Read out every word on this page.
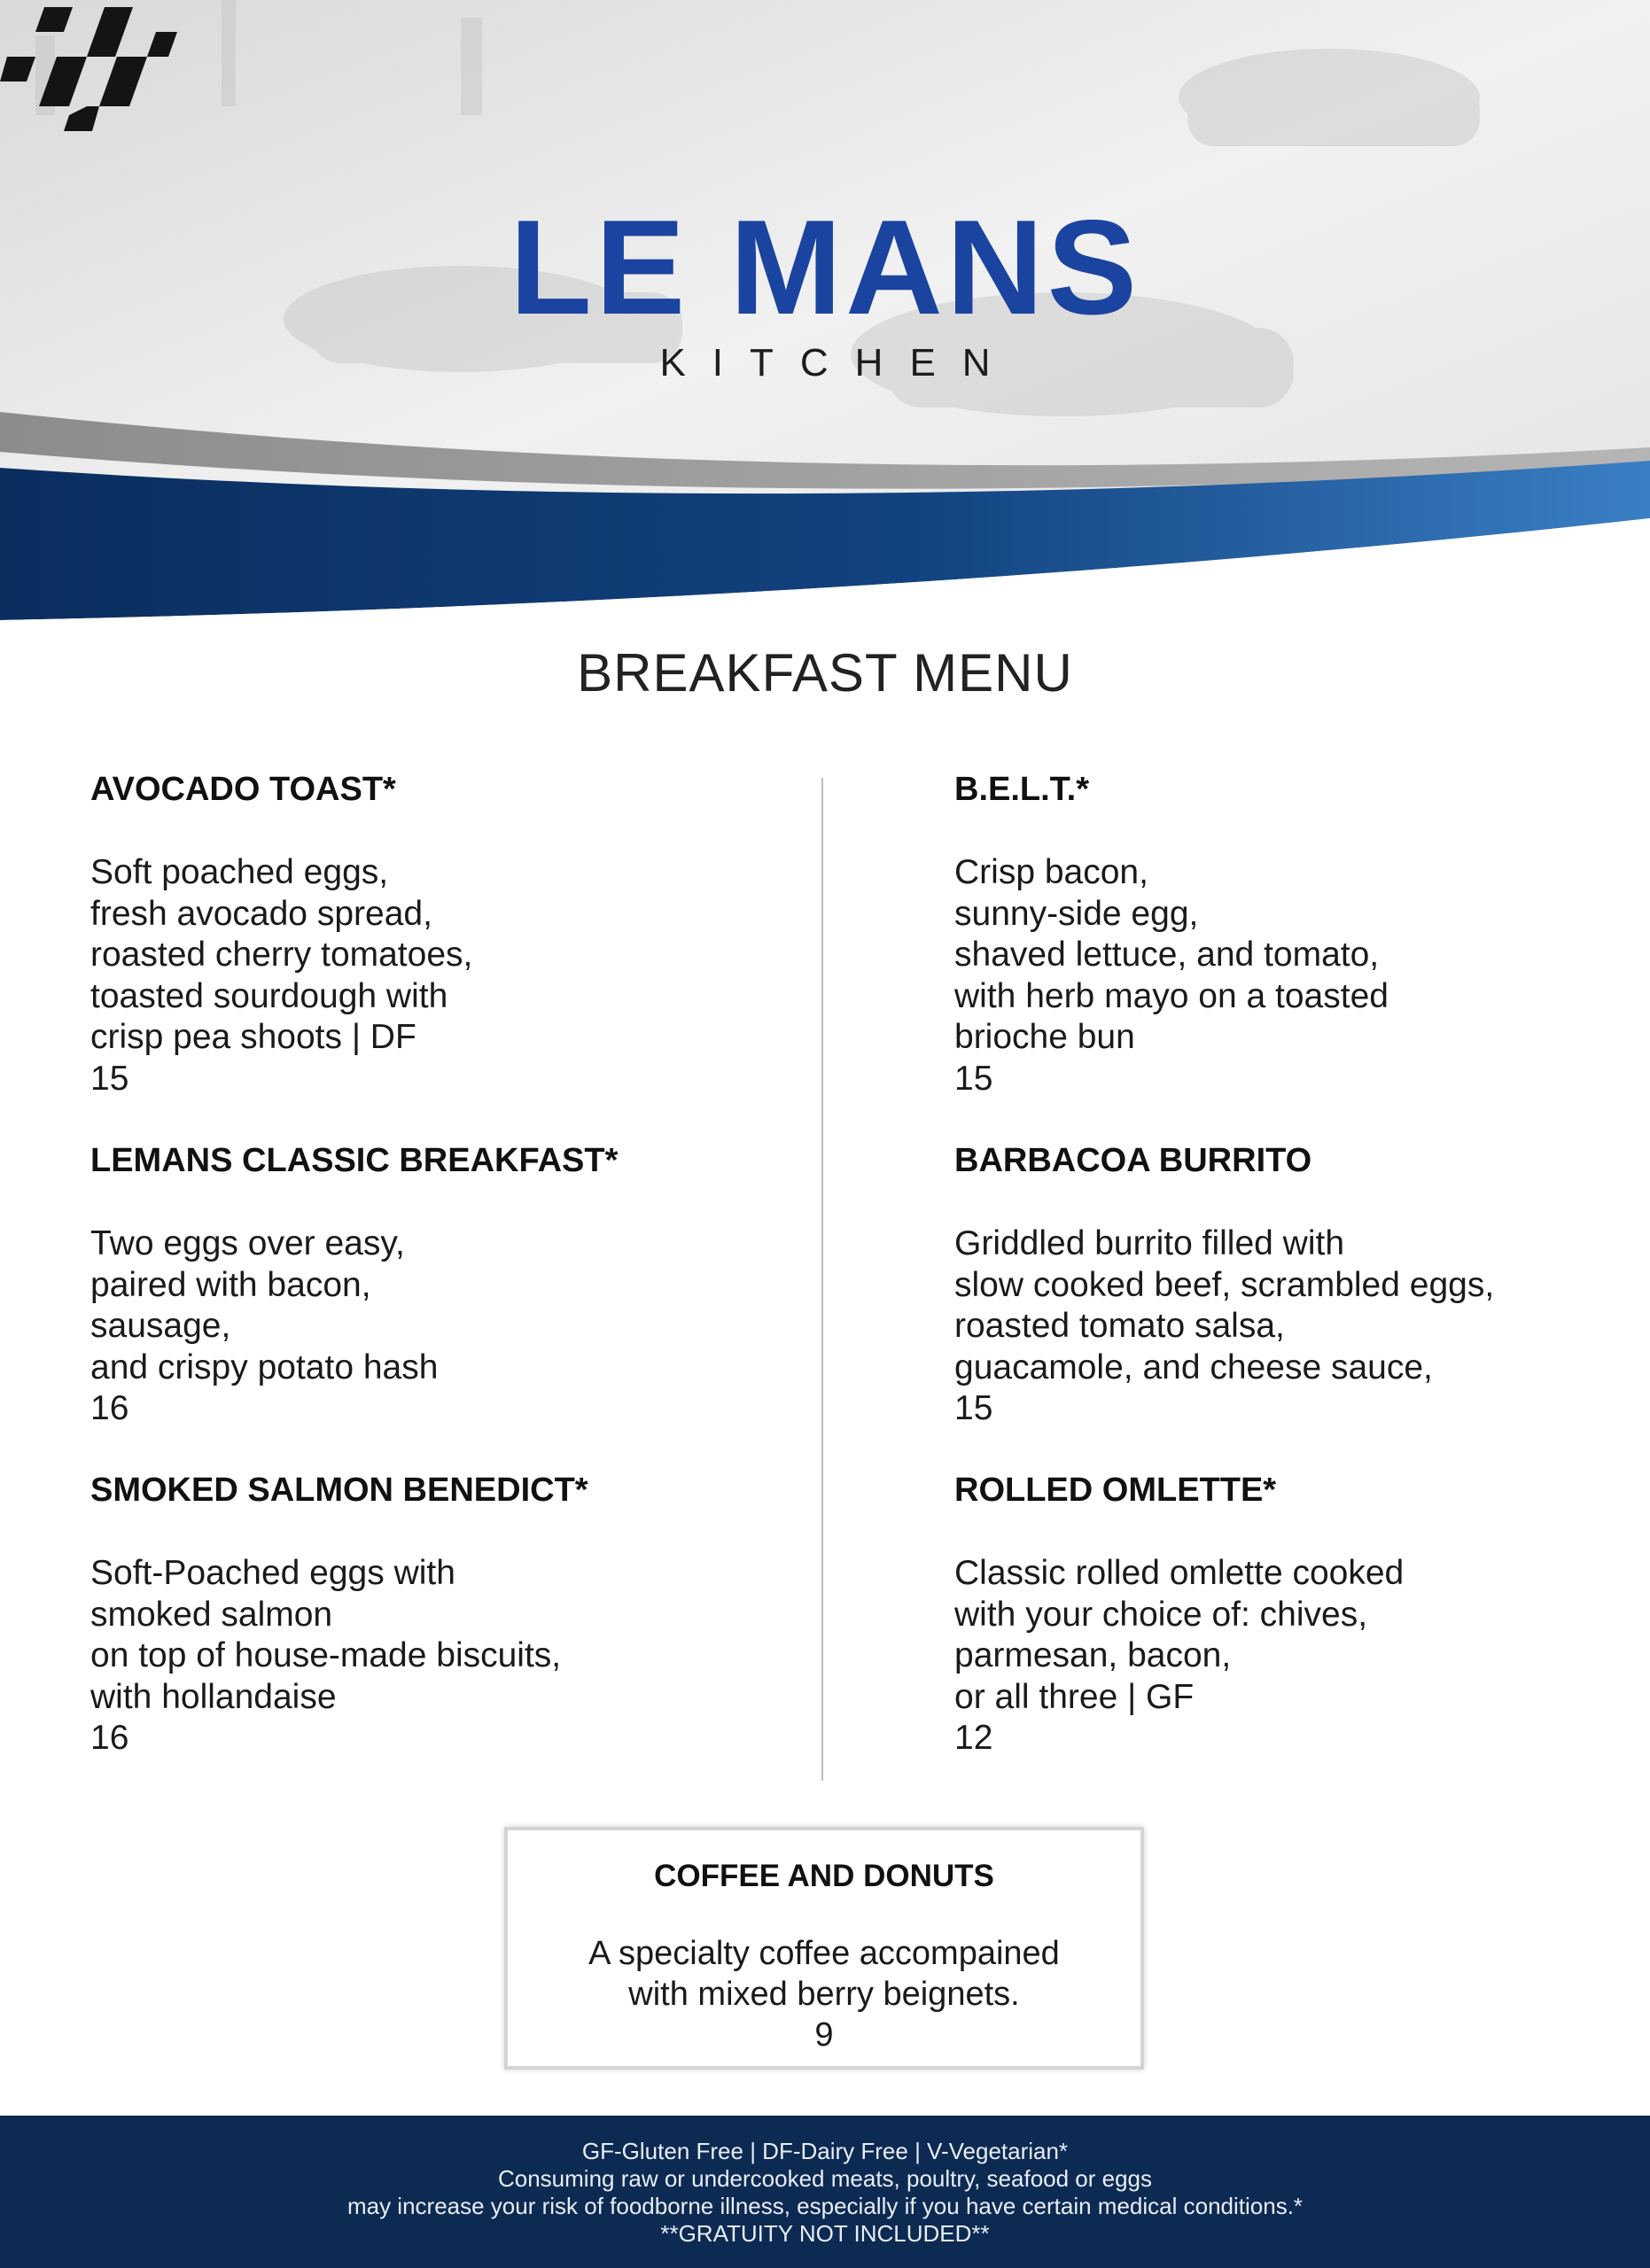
LE MANS
KITCHEN
BREAKFAST MENU
AVOCADO TOAST*
Soft poached eggs,
fresh avocado spread,
roasted cherry tomatoes,
toasted sourdough with
crisp pea shoots | DF
15
LEMANS CLASSIC BREAKFAST*
Two eggs over easy,
paired with bacon,
sausage,
and crispy potato hash
16
SMOKED SALMON BENEDICT*
Soft-Poached eggs with
smoked salmon
on top of house-made biscuits,
with hollandaise
16
B.E.L.T.*
Crisp bacon,
sunny-side egg,
shaved lettuce, and tomato,
with herb mayo on a toasted
brioche bun
15
BARBACOA BURRITO
Griddled burrito filled with
slow cooked beef, scrambled eggs,
roasted tomato salsa,
guacamole, and cheese sauce,
15
ROLLED OMLETTE*
Classic rolled omlette cooked
with your choice of: chives,
parmesan, bacon,
or all three | GF
12
COFFEE AND DONUTS
A specialty coffee accompained
with mixed berry beignets.
9
GF-Gluten Free | DF-Dairy Free | V-Vegetarian*
Consuming raw or undercooked meats, poultry, seafood or eggs
may increase your risk of foodborne illness, especially if you have certain medical conditions.*
**GRATUITY NOT INCLUDED**
